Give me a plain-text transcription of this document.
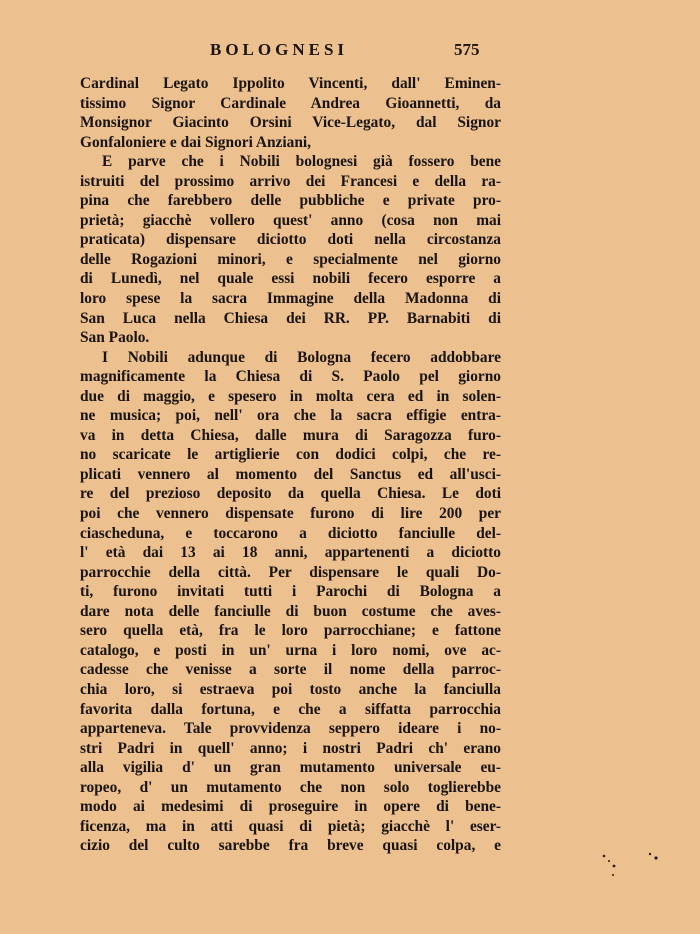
BOLOGNESI	575
Cardinal Legato Ippolito Vincenti, dall' Eminen-
tissimo Signor Cardinale Andrea Gioannetti, da
Monsignor Giacinto Orsini Vice-Legato, dal Signor
Gonfaloniere e dai Signori Anziani,
E parve che i Nobili bolognesi già fossero bene
istruiti del prossimo arrivo dei Francesi e della ra-
pina che farebbero delle pubbliche e private pro-
prietà; giacchè vollero quest' anno (cosa non mai
praticata) dispensare diciotto doti nella circostanza
delle Rogazioni minori, e specialmente nel giorno
di Lunedì, nel quale essi nobili fecero esporre a
loro spese la sacra Immagine della Madonna di
San Luca nella Chiesa dei RR. PP. Barnabiti di
San Paolo.
I Nobili adunque di Bologna fecero addobbare
magnificamente la Chiesa di S. Paolo pel giorno
due di maggio, e spesero in molta cera ed in solen-
ne musica; poi, nell' ora che la sacra effigie entra-
va in detta Chiesa, dalle mura di Saragozza furo-
no scaricate le artiglierie con dodici colpi, che re-
plicati vennero al momento del Sanctus ed all'usci-
re del prezioso deposito da quella Chiesa. Le doti
poi che vennero dispensate furono di lire 200 per
ciascheduna, e toccarono a diciotto fanciulle del-
l' età dai 13 ai 18 anni, appartenenti a diciotto
parrocchie della città. Per dispensare le quali Do-
ti, furono invitati tutti i Parochi di Bologna a
dare nota delle fanciulle di buon costume che aves-
sero quella età, fra le loro parrocchiane; e fattone
catalogo, e posti in un' urna i loro nomi, ove ac-
cadesse che venisse a sorte il nome della parroc-
chia loro, si estraeva poi tosto anche la fanciulla
favorita dalla fortuna, e che a siffatta parrocchia
apparteneva. Tale provvidenza seppero ideare i no-
stri Padri in quell' anno; i nostri Padri ch' erano
alla vigilia d' un gran mutamento universale eu-
ropeo, d' un mutamento che non solo toglierebbe
modo ai medesimi di proseguire in opere di bene-
ficenza, ma in atti quasi di pietà; giacchè l' eser-
cizio del culto sarebbe fra breve quasi colpa, e
